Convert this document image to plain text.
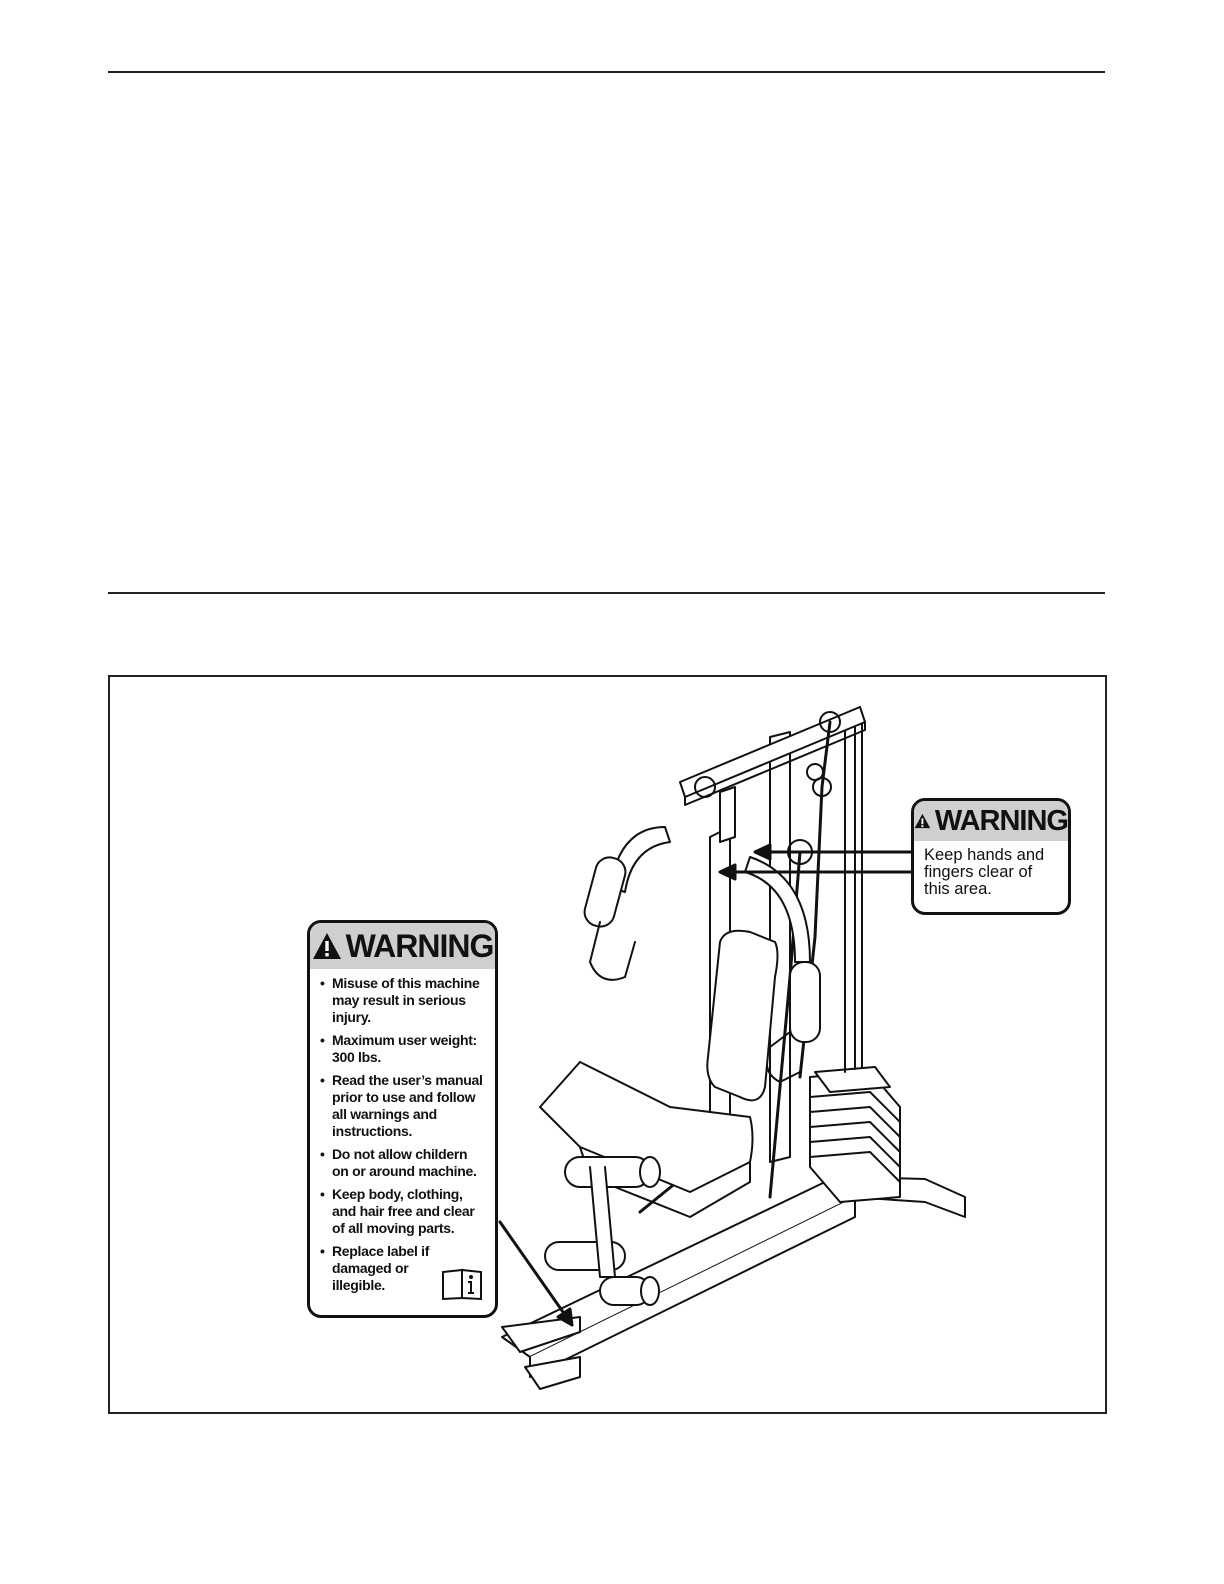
WARNING
Keep hands and
fingers clear of
this area.
WARNING
• Misuse of this machine
may result in serious
injury.
• Maximum user weight:
300 lbs.
• Read the user’s manual
prior to use and follow
all warnings and
instructions.
• Do not allow childern
on or around machine.
• Keep body, clothing,
and hair free and clear
of all moving parts.
• Replace label if
damaged or
illegible.
